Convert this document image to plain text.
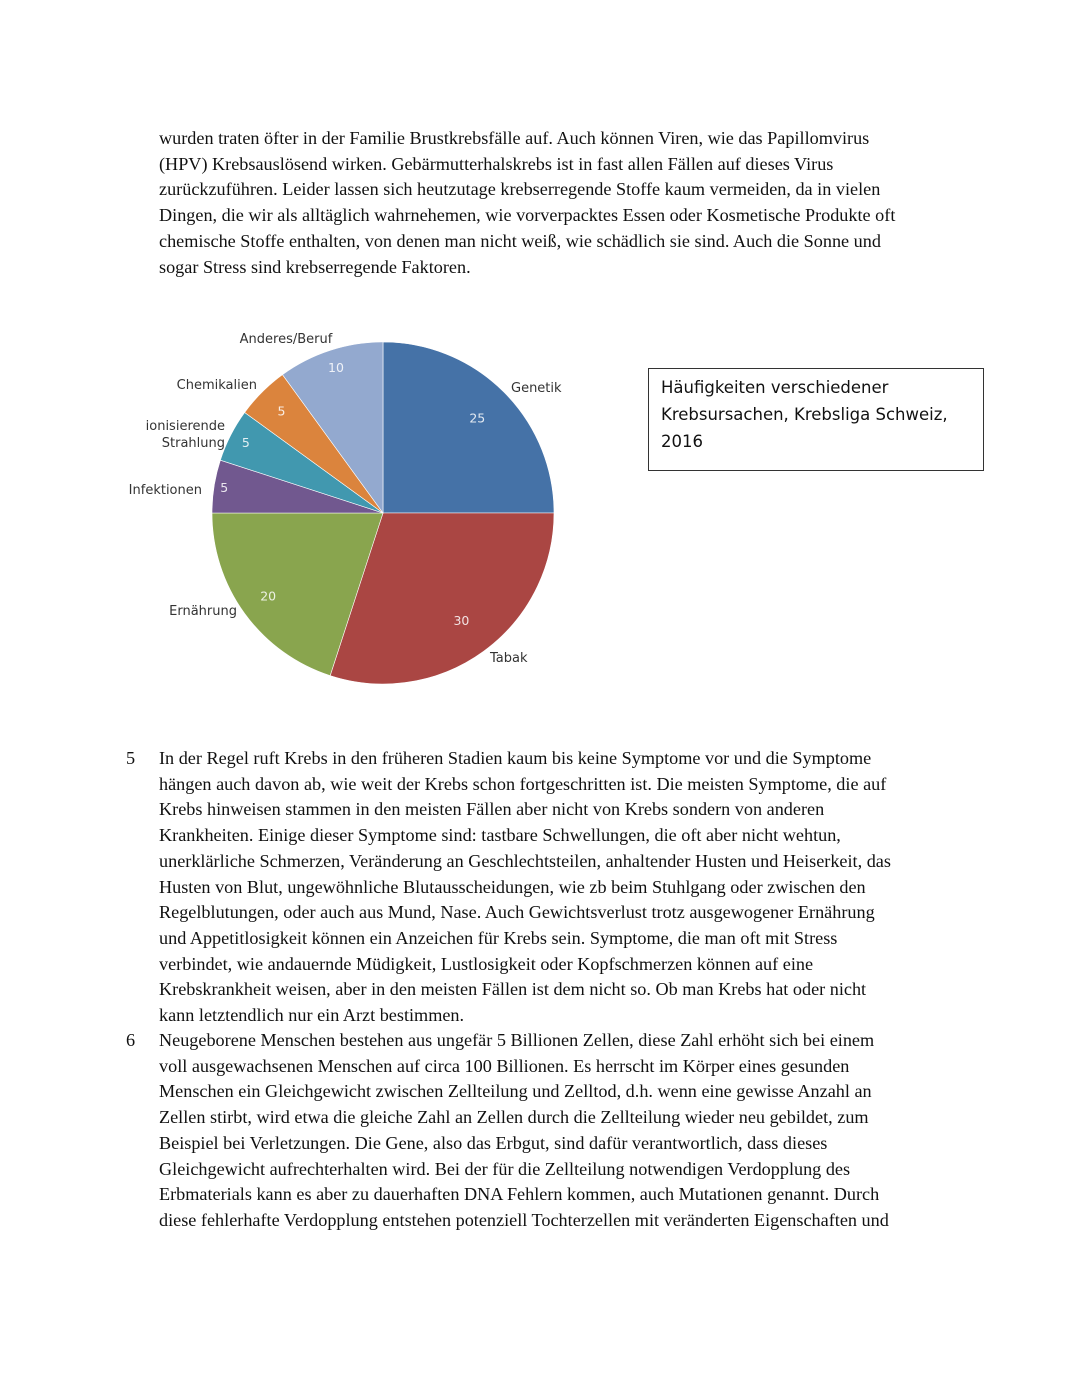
wurden traten öfter in der Familie Brustkrebsfälle auf. Auch können Viren, wie das Papillomvirus
(HPV) Krebsauslösend wirken. Gebärmutterhalskrebs ist in fast allen Fällen auf dieses Virus
zurückzuführen. Leider lassen sich heutzutage krebserregende Stoffe kaum vermeiden, da in vielen
Dingen, die wir als alltäglich wahrnehemen, wie vorverpacktes Essen oder Kosmetische Produkte oft
chemische Stoffe enthalten, von denen man nicht weiß, wie schädlich sie sind. Auch die Sonne und
sogar Stress sind krebserregende Faktoren.
25
Genetik
30
Tabak
20
Ernährung
5
Infektionen
5
ionisierende Strahlung
5
Chemikalien
10
Anderes/Beruf
Häufigkeiten verschiedener
Krebsursachen, Krebsliga Schweiz,
2016
5 In der Regel ruft Krebs in den früheren Stadien kaum bis keine Symptome vor und die Symptome
hängen auch davon ab, wie weit der Krebs schon fortgeschritten ist. Die meisten Symptome, die auf
Krebs hinweisen stammen in den meisten Fällen aber nicht von Krebs sondern von anderen
Krankheiten. Einige dieser Symptome sind: tastbare Schwellungen, die oft aber nicht wehtun,
unerklärliche Schmerzen, Veränderung an Geschlechtsteilen, anhaltender Husten und Heiserkeit, das
Husten von Blut, ungewöhnliche Blutausscheidungen, wie zb beim Stuhlgang oder zwischen den
Regelblutungen, oder auch aus Mund, Nase. Auch Gewichtsverlust trotz ausgewogener Ernährung
und Appetitlosigkeit können ein Anzeichen für Krebs sein. Symptome, die man oft mit Stress
verbindet, wie andauernde Müdigkeit, Lustlosigkeit oder Kopfschmerzen können auf eine
Krebskrankheit weisen, aber in den meisten Fällen ist dem nicht so. Ob man Krebs hat oder nicht
kann letztendlich nur ein Arzt bestimmen.
6 Neugeborene Menschen bestehen aus ungefär 5 Billionen Zellen, diese Zahl erhöht sich bei einem
voll ausgewachsenen Menschen auf circa 100 Billionen. Es herrscht im Körper eines gesunden
Menschen ein Gleichgewicht zwischen Zellteilung und Zelltod, d.h. wenn eine gewisse Anzahl an
Zellen stirbt, wird etwa die gleiche Zahl an Zellen durch die Zellteilung wieder neu gebildet, zum
Beispiel bei Verletzungen. Die Gene, also das Erbgut, sind dafür verantwortlich, dass dieses
Gleichgewicht aufrechterhalten wird. Bei der für die Zellteilung notwendigen Verdopplung des
Erbmaterials kann es aber zu dauerhaften DNA Fehlern kommen, auch Mutationen genannt. Durch
diese fehlerhafte Verdopplung entstehen potenziell Tochterzellen mit veränderten Eigenschaften und
